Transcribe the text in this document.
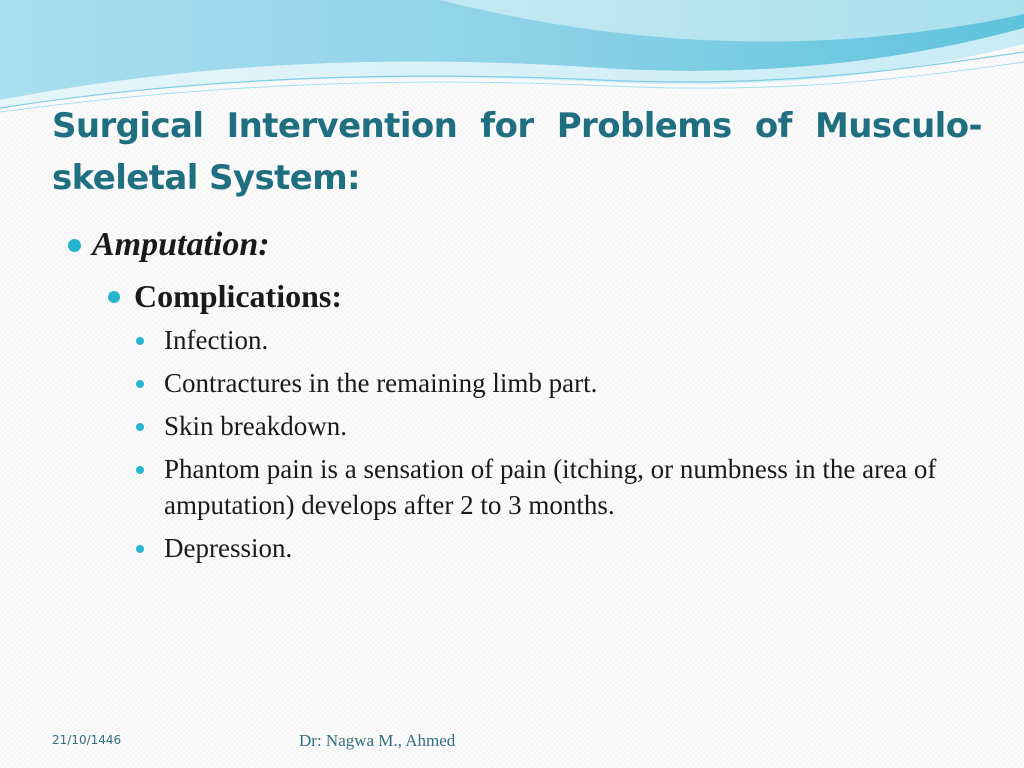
Surgical Intervention for Problems of Musculo-skeletal System:
Amputation:
Complications:
Infection.
Contractures in the remaining limb part.
Skin breakdown.
Phantom pain is a sensation of pain (itching, or numbness in the area of amputation) develops after 2 to 3 months.
Depression.
21/10/1446	Dr: Nagwa M., Ahmed
